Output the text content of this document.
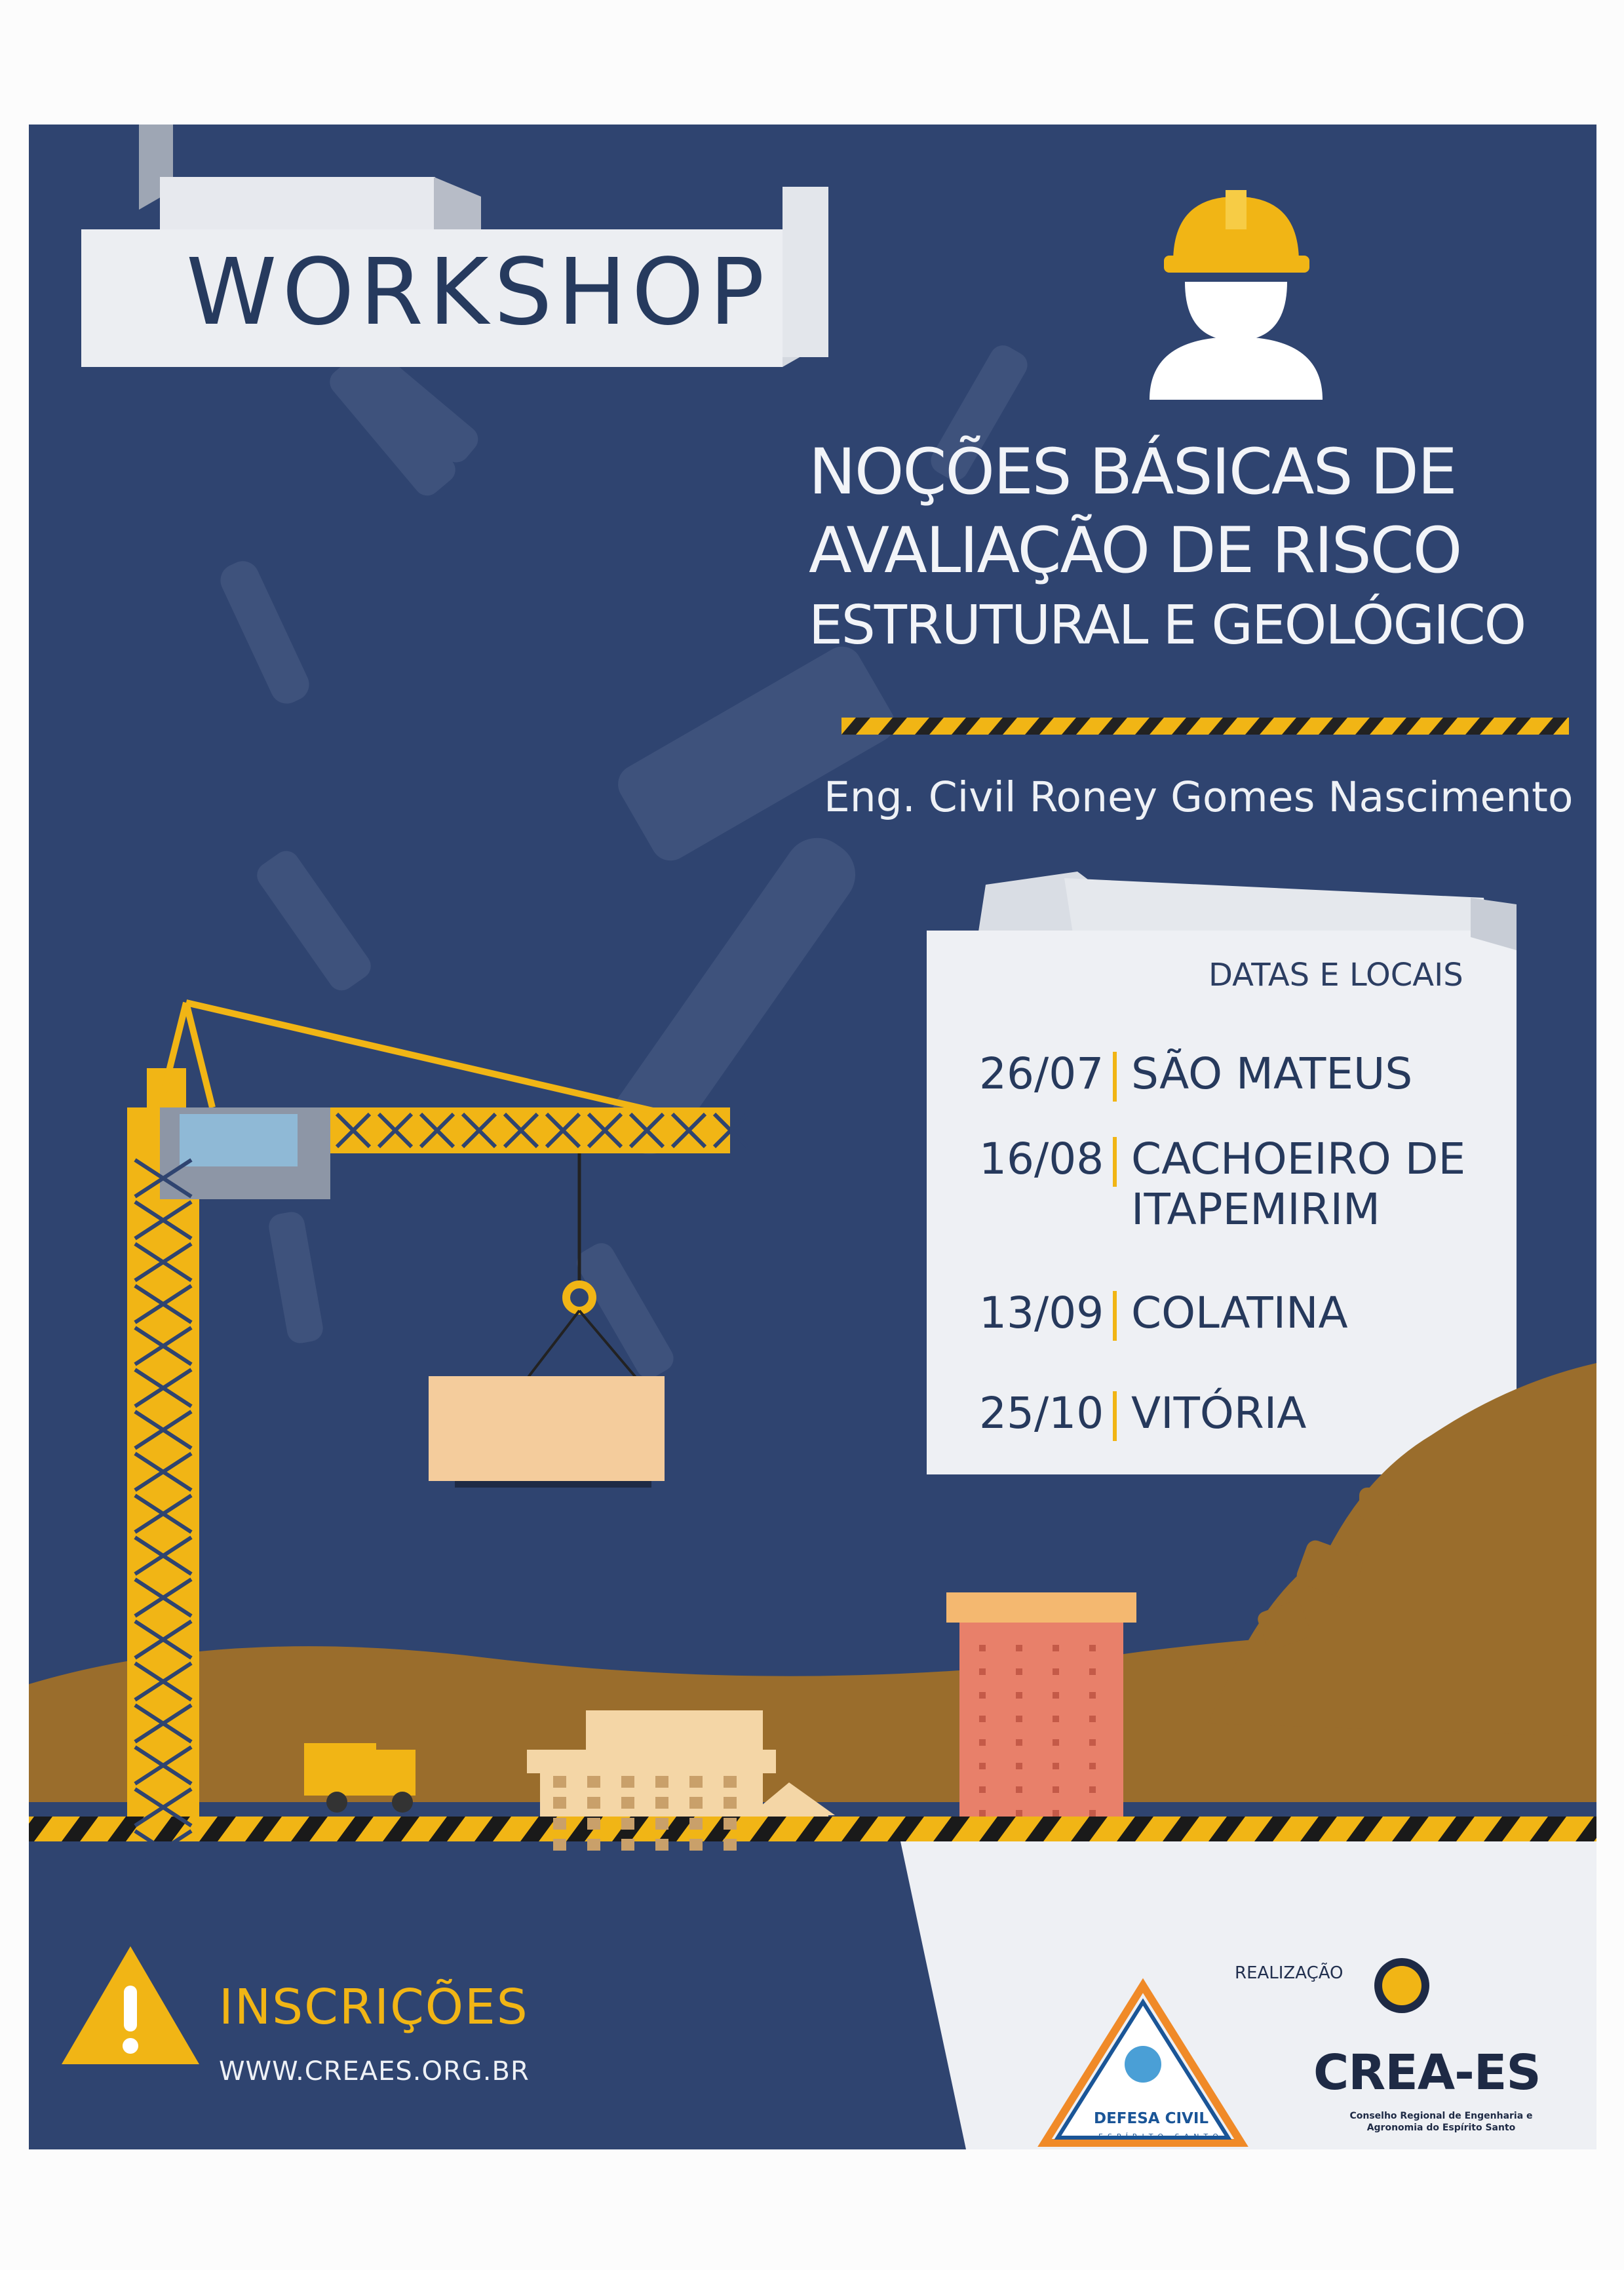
WORKSHOP
NOÇÕES BÁSICAS DE
AVALIAÇÃO DE RISCO
ESTRUTURAL E GEOLÓGICO
Eng. Civil Roney Gomes Nascimento
DATAS E LOCAIS
26/07 SÃO MATEUS
16/08 CACHOEIRO DE
ITAPEMIRIM
13/09 COLATINA
25/10 VITÓRIA
INSCRIÇÕES
WWW.CREAES.ORG.BR
REALIZAÇÃO
DEFESA CIVIL
ESPÍRITO SANTO
CREA-ES
Conselho Regional de Engenharia e Agronomia do Espírito Santo
